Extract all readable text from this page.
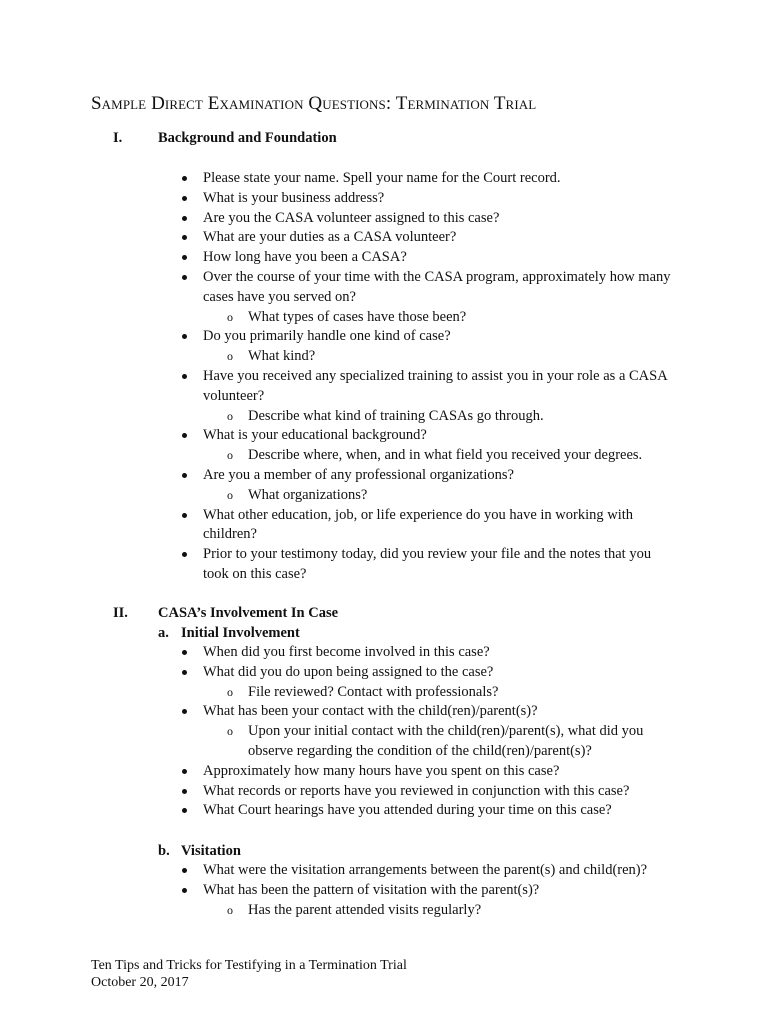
Sample Direct Examination Questions: Termination Trial
I. Background and Foundation
Please state your name. Spell your name for the Court record.
What is your business address?
Are you the CASA volunteer assigned to this case?
What are your duties as a CASA volunteer?
How long have you been a CASA?
Over the course of your time with the CASA program, approximately how many cases have you served on?
o What types of cases have those been?
Do you primarily handle one kind of case?
o What kind?
Have you received any specialized training to assist you in your role as a CASA volunteer?
o Describe what kind of training CASAs go through.
What is your educational background?
o Describe where, when, and in what field you received your degrees.
Are you a member of any professional organizations?
o What organizations?
What other education, job, or life experience do you have in working with children?
Prior to your testimony today, did you review your file and the notes that you took on this case?
II. CASA’s Involvement In Case
a. Initial Involvement
When did you first become involved in this case?
What did you do upon being assigned to the case?
o File reviewed? Contact with professionals?
What has been your contact with the child(ren)/parent(s)?
o Upon your initial contact with the child(ren)/parent(s), what did you observe regarding the condition of the child(ren)/parent(s)?
Approximately how many hours have you spent on this case?
What records or reports have you reviewed in conjunction with this case?
What Court hearings have you attended during your time on this case?
b. Visitation
What were the visitation arrangements between the parent(s) and child(ren)?
What has been the pattern of visitation with the parent(s)?
o Has the parent attended visits regularly?
Ten Tips and Tricks for Testifying in a Termination Trial
October 20, 2017
